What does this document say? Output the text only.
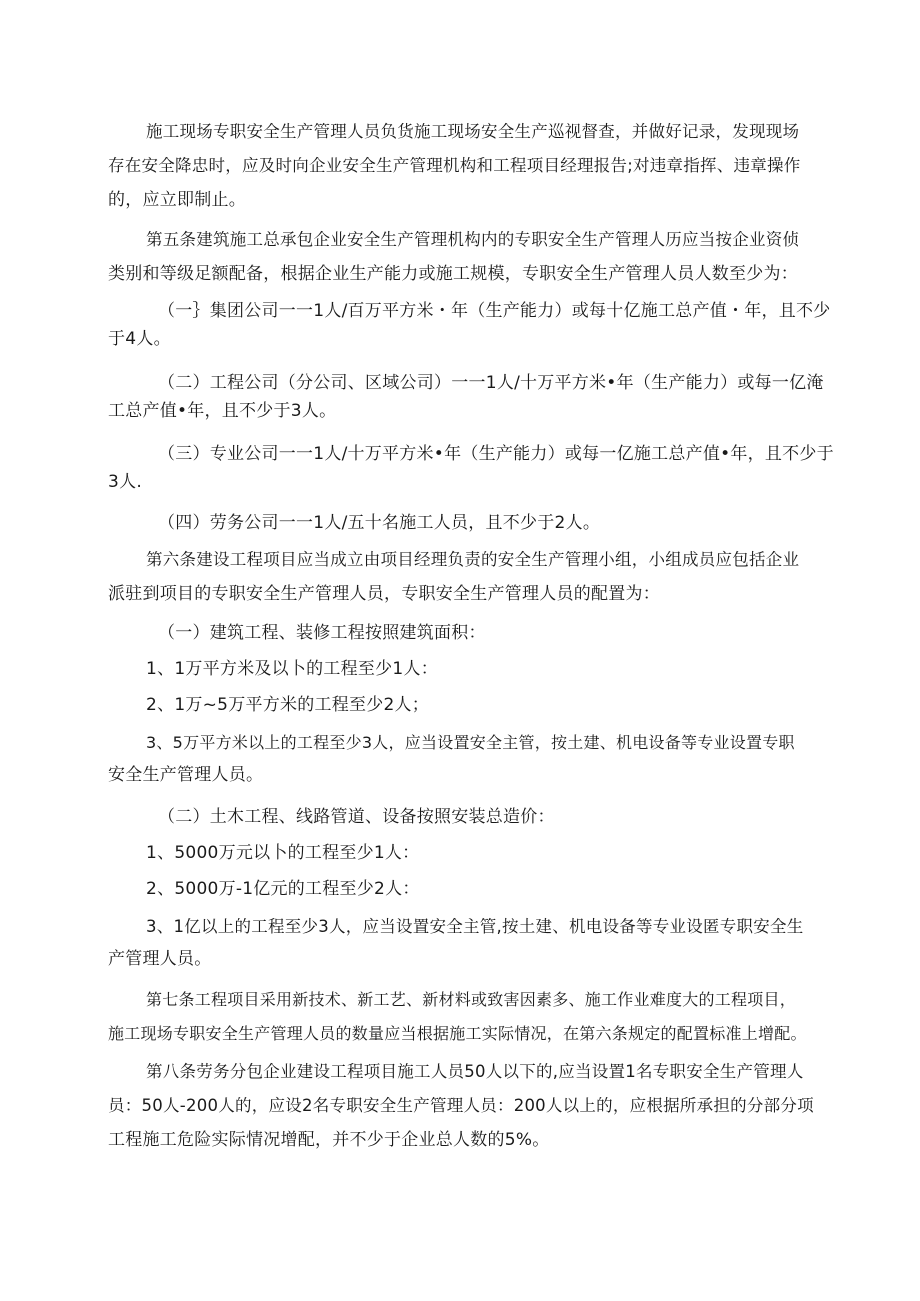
施工现场专职安全生产管理人员负货施工现场安全生产巡视督查，并做好记录，发现现场
存在安全降忠时，应及时向企业安全生产管理机构和工程项目经理报告;对违章指挥、违章操作
的，应立即制止。
第五条建筑施工总承包企业安全生产管理机构内的专职安全生产管理人历应当按企业资侦
类别和等级足额配备，根据企业生产能力或施工规模，专职安全生产管理人员人数至少为：
（一｝集团公司一一1人/百万平方米・年（生产能力）或每十亿施工总产值・年，且不少
于4人。
（二）工程公司（分公司、区域公司）一一1人/十万平方米•年（生产能力）或每一亿淹
工总产值•年，且不少于3人。
（三）专业公司一一1人/十万平方米•年（生产能力）或每一亿施工总产值•年，且不少于
3人.
（四）劳务公司一一1人/五十名施工人员，且不少于2人。
第六条建设工程项目应当成立由项目经理负责的安全生产管理小组，小组成员应包括企业
派驻到项目的专职安全生产管理人员，专职安全生产管理人员的配置为：
（一）建筑工程、装修工程按照建筑面积：
1、1万平方米及以卜的工程至少1人：
2、1万~5万平方米的工程至少2人；
3、5万平方米以上的工程至少3人，应当设置安全主管，按土建、机电设备等专业设置专职
安全生产管理人员。
（二）土木工程、线路管道、设备按照安装总造价：
1、5000万元以卜的工程至少1人：
2、5000万-1亿元的工程至少2人：
3、1亿以上的工程至少3人，应当设置安全主管,按土建、机电设备等专业设匿专职安全生
产管理人员。
第七条工程项目采用新技术、新工艺、新材料或致害因素多、施工作业难度大的工程项目，
施工现场专职安全生产管理人员的数量应当根据施工实际情况，在第六条规定的配置标准上增配。
第八条劳务分包企业建设工程项目施工人员50人以下的,应当设置1名专职安全生产管理人
员：50人-200人的，应设2名专职安全生产管理人员：200人以上的，应根据所承担的分部分项
工程施工危险实际情况增配，并不少于企业总人数的5%。
